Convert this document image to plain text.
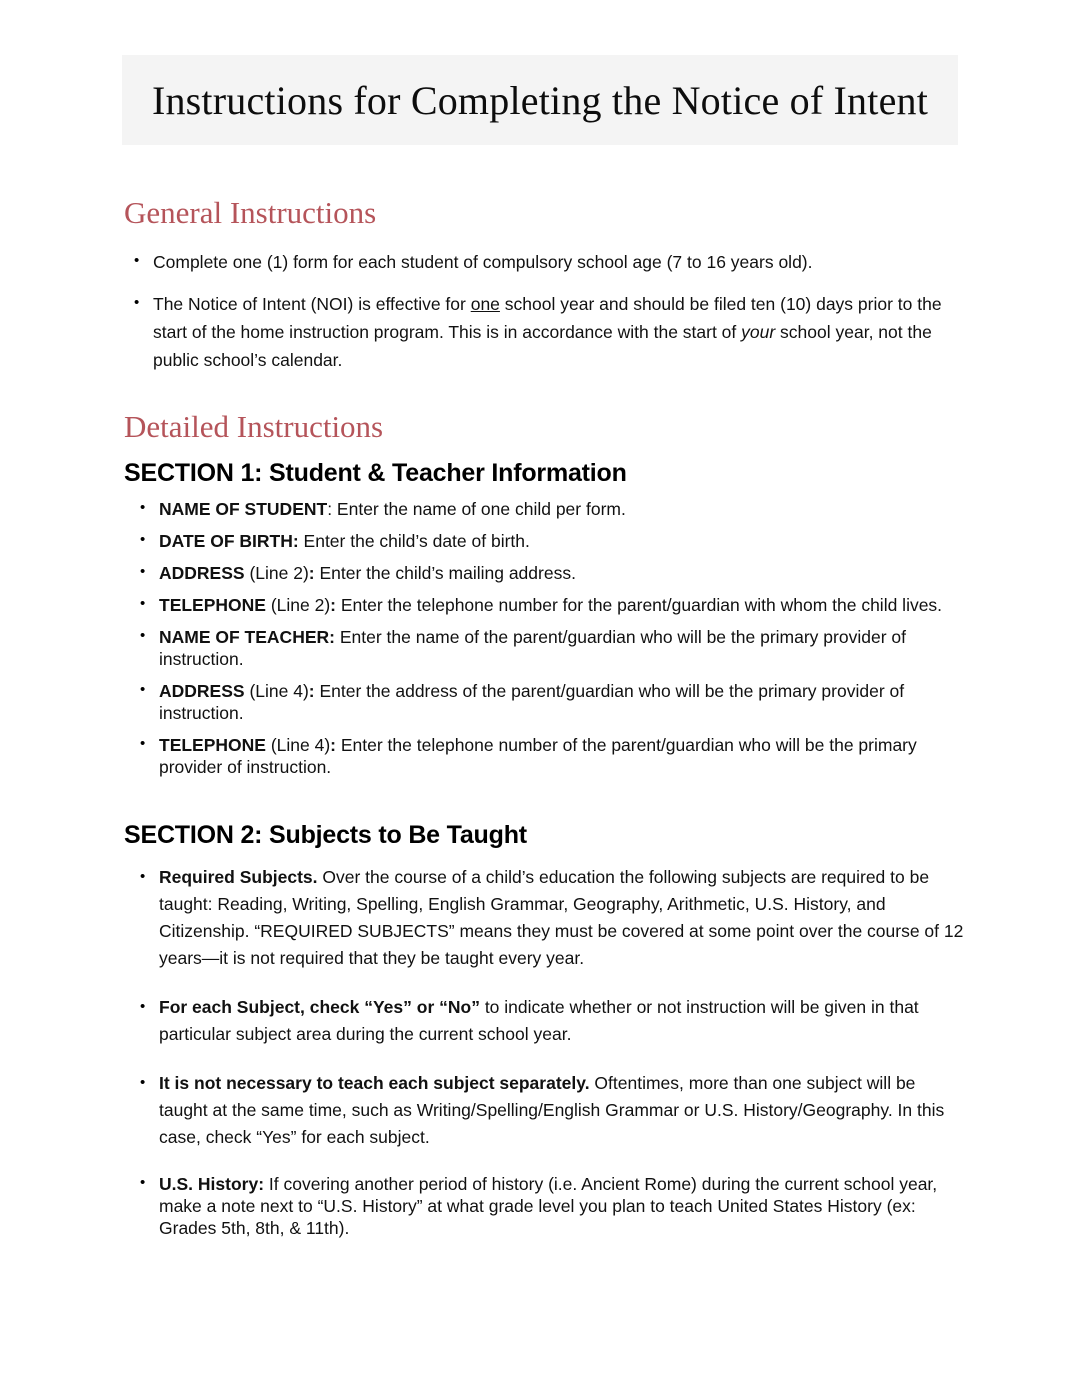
Instructions for Completing the Notice of Intent
General Instructions
• Complete one (1) form for each student of compulsory school age (7 to 16 years old).
• The Notice of Intent (NOI) is effective for one school year and should be filed ten (10) days prior to the start of the home instruction program. This is in accordance with the start of your school year, not the public school’s calendar.
Detailed Instructions
SECTION 1: Student & Teacher Information
• NAME OF STUDENT: Enter the name of one child per form.
• DATE OF BIRTH: Enter the child’s date of birth.
• ADDRESS (Line 2): Enter the child’s mailing address.
• TELEPHONE (Line 2): Enter the telephone number for the parent/guardian with whom the child lives.
• NAME OF TEACHER: Enter the name of the parent/guardian who will be the primary provider of instruction.
• ADDRESS (Line 4): Enter the address of the parent/guardian who will be the primary provider of instruction.
• TELEPHONE (Line 4): Enter the telephone number of the parent/guardian who will be the primary provider of instruction.
SECTION 2: Subjects to Be Taught
• Required Subjects. Over the course of a child’s education the following subjects are required to be taught: Reading, Writing, Spelling, English Grammar, Geography, Arithmetic, U.S. History, and Citizenship. “REQUIRED SUBJECTS” means they must be covered at some point over the course of 12 years—it is not required that they be taught every year.
• For each Subject, check “Yes” or “No” to indicate whether or not instruction will be given in that particular subject area during the current school year.
• It is not necessary to teach each subject separately. Oftentimes, more than one subject will be taught at the same time, such as Writing/Spelling/English Grammar or U.S. History/Geography. In this case, check “Yes” for each subject.
• U.S. History: If covering another period of history (i.e. Ancient Rome) during the current school year, make a note next to “U.S. History” at what grade level you plan to teach United States History (ex: Grades 5th, 8th, & 11th).
